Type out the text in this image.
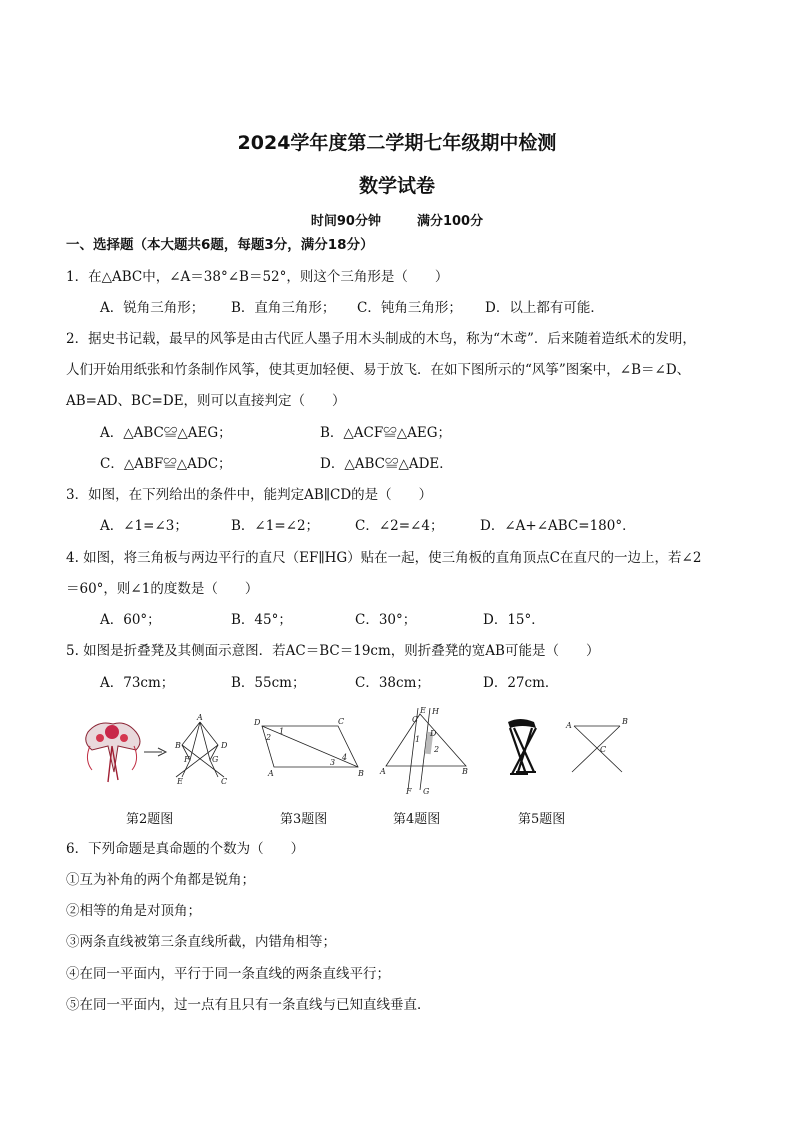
2024学年度第二学期七年级期中检测
数学试卷
时间90分钟	满分100分
一、选择题（本大题共6题，每题3分，满分18分）
1．在△ABC中，∠A＝38°∠B＝52°，则这个三角形是（　　）
A．锐角三角形； B．直角三角形； C．钝角三角形； D．以上都有可能．
2．据史书记载，最早的风筝是由古代匠人墨子用木头制成的木鸟，称为“木鸢”．后来随着造纸术的发明，
人们开始用纸张和竹条制作风筝，使其更加轻便、易于放飞．在如下图所示的“风筝”图案中，∠B＝∠D、
AB=AD、BC=DE，则可以直接判定（　　）
A．△ABC≌△AEG；	B．△ACF≌△AEG；
C．△ABF≌△ADC；	D．△ABC≌△ADE．
3．如图，在下列给出的条件中，能判定AB∥CD的是（　　）
A．∠1=∠3；	B．∠1=∠2；	C．∠2=∠4；	D．∠A+∠ABC=180°．
4. 如图，将三角板与两边平行的直尺（EF∥HG）贴在一起，使三角板的直角顶点C在直尺的一边上，若∠2
＝60°，则∠1的度数是（　　）
A．60°；	B．45°；	C．30°；	D．15°．
5. 如图是折叠凳及其侧面示意图．若AC＝BC＝19cm，则折叠凳的宽AB可能是（　　）
A．73cm；	B．55cm；	C．38cm；	D．27cm．
A
B	D
F	G
E	C
D	C
A	B
1
2
3
4
E H
C
A	B
D
1
2
F G
A	B
C
第2题图	第3题图	第4题图	第5题图
6．下列命题是真命题的个数为（　　）
①互为补角的两个角都是锐角；
②相等的角是对顶角；
③两条直线被第三条直线所截，内错角相等；
④在同一平面内，平行于同一条直线的两条直线平行；
⑤在同一平面内，过一点有且只有一条直线与已知直线垂直．
